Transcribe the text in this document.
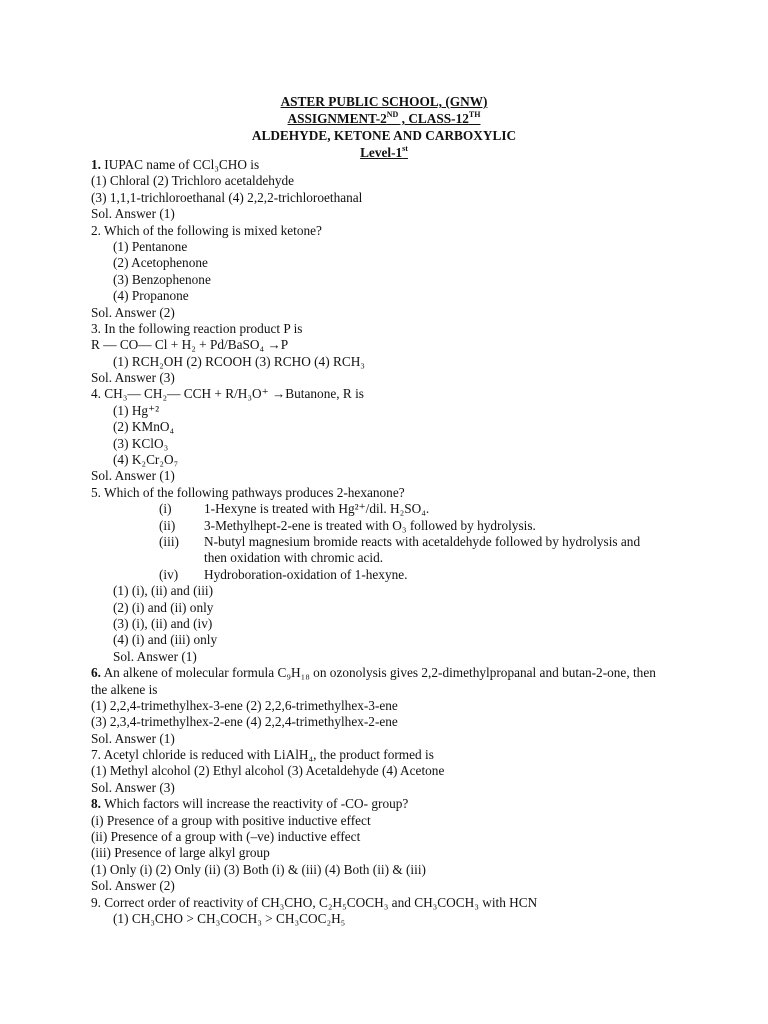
ASTER PUBLIC SCHOOL, (GNW)
ASSIGNMENT-2ND , CLASS-12TH
ALDEHYDE, KETONE AND CARBOXYLIC
Level-1st
1. IUPAC name of CCl₃CHO is
(1) Chloral (2) Trichloro acetaldehyde
(3) 1,1,1-trichloroethanal (4) 2,2,2-trichloroethanal
Sol. Answer (1)
2. Which of the following is mixed ketone?
(1) Pentanone
(2) Acetophenone
(3) Benzophenone
(4) Propanone
Sol. Answer (2)
3. In the following reaction product P is
R — CO— Cl + H₂ + Pd/BaSO₄ →P
(1) RCH₂OH (2) RCOOH (3) RCHO (4) RCH₃
Sol. Answer (3)
4. CH₃— CH₂— CCH + R/H₃O⁺ →Butanone, R is
(1) Hg⁺²
(2) KMnO₄
(3) KClO₃
(4) K₂Cr₂O₇
Sol. Answer (1)
5. Which of the following pathways produces 2-hexanone?
(i) 1-Hexyne is treated with Hg²⁺/dil. H₂SO₄.
(ii) 3-Methylhept-2-ene is treated with O₃ followed by hydrolysis.
(iii) N-butyl magnesium bromide reacts with acetaldehyde followed by hydrolysis and
then oxidation with chromic acid.
(iv) Hydroboration-oxidation of 1-hexyne.
(1) (i), (ii) and (iii)
(2) (i) and (ii) only
(3) (i), (ii) and (iv)
(4) (i) and (iii) only
Sol. Answer (1)
6. An alkene of molecular formula C₉H₁₈ on ozonolysis gives 2,2-dimethylpropanal and butan-2-one, then
the alkene is
(1) 2,2,4-trimethylhex-3-ene (2) 2,2,6-trimethylhex-3-ene
(3) 2,3,4-trimethylhex-2-ene (4) 2,2,4-trimethylhex-2-ene
Sol. Answer (1)
7. Acetyl chloride is reduced with LiAlH₄, the product formed is
(1) Methyl alcohol (2) Ethyl alcohol (3) Acetaldehyde (4) Acetone
Sol. Answer (3)
8. Which factors will increase the reactivity of -CO- group?
(i) Presence of a group with positive inductive effect
(ii) Presence of a group with (–ve) inductive effect
(iii) Presence of large alkyl group
(1) Only (i) (2) Only (ii) (3) Both (i) & (iii) (4) Both (ii) & (iii)
Sol. Answer (2)
9. Correct order of reactivity of CH₃CHO, C₂H₅COCH₃ and CH₃COCH₃ with HCN
(1) CH₃CHO > CH₃COCH₃ > CH₃COC₂H₅
